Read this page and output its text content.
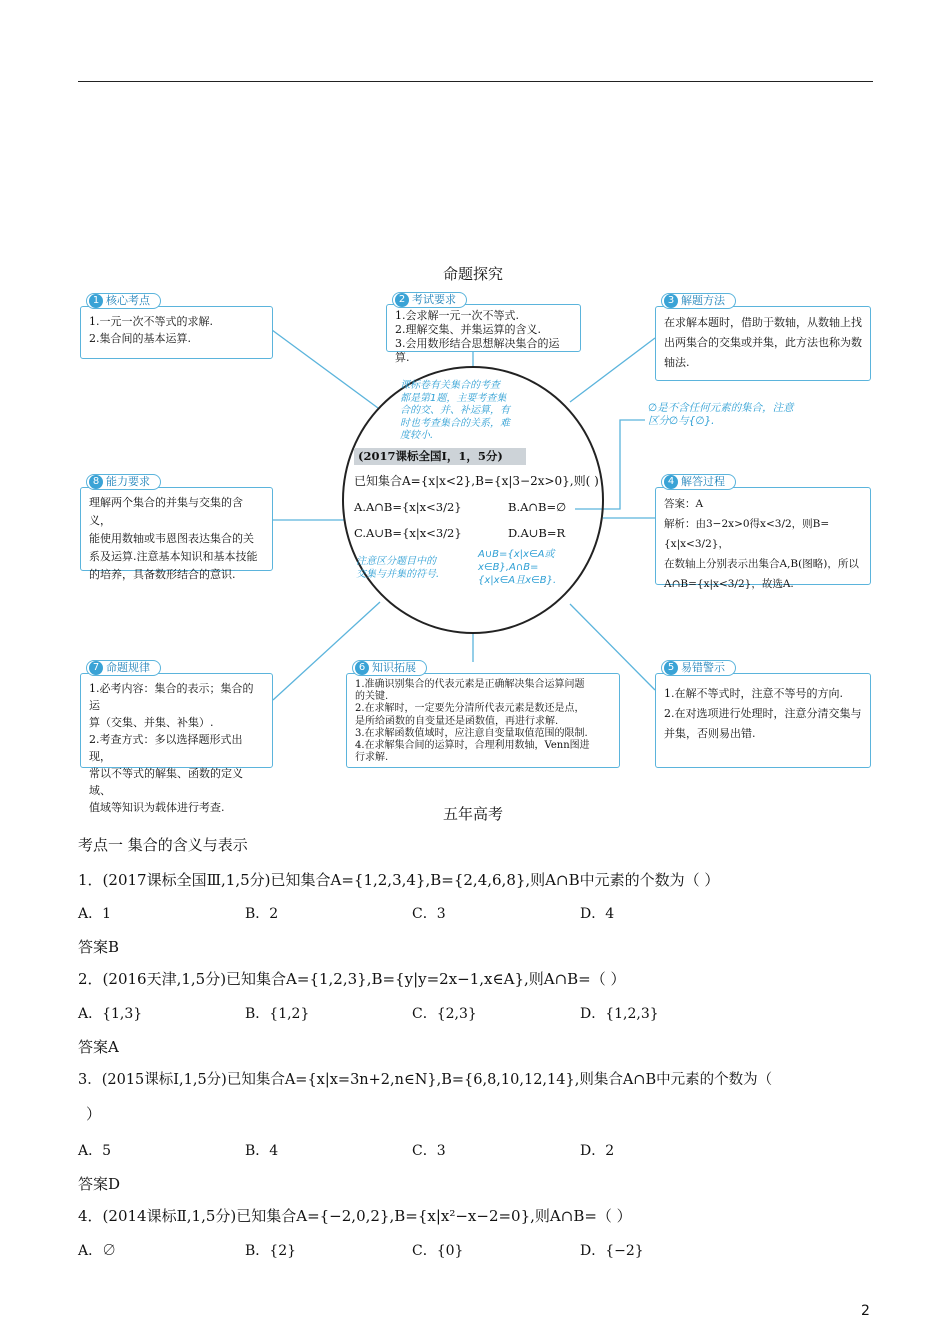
命题探究

1.一元一次不等式的求解.

2.集合间的基本运算.

1 核心考点

1.会求解一元一次不等式.

2.理解交集、并集运算的含义.

3.会用数形结合思想解决集合的运算.

2 考试要求

在求解本题时，借助于数轴，从数轴上找

出两集合的交集或并集，此方法也称为数

轴法.

3 解题方法

理解两个集合的并集与交集的含义，

能使用数轴或韦恩图表达集合的关

系及运算.注意基本知识和基本技能

的培养，具备数形结合的意识.

8 能力要求

答案：A

解析：由3−2x>0得x<3/2，则B={x|x<3/2}，

在数轴上分别表示出集合A,B(图略)，所以

A∩B={x|x<3/2}，故选A.

4 解答过程

∅是不含任何元素的集合，注意

区分∅与{∅}.

1.必考内容：集合的表示；集合的运

算（交集、并集、补集）.

2.考查方式：多以选择题形式出现，

常以不等式的解集、函数的定义域、

值域等知识为载体进行考查.

7 命题规律

1.准确识别集合的代表元素是正确解决集合运算问题

的关键.

2.在求解时，一定要先分清所代表元素是数还是点，

是所给函数的自变量还是函数值，再进行求解.

3.在求解函数值域时，应注意自变量取值范围的限制.

4.在求解集合间的运算时，合理利用数轴，Venn图进

行求解.

6 知识拓展

1.在解不等式时，注意不等号的方向.

2.在对选项进行处理时，注意分清交集与

并集，否则易出错.

5 易错警示

课标卷有关集合的考查

都是第1题，主要考查集

合的交、并、补运算，有

时也考查集合的关系，难

度较小.

(2017课标全国Ⅰ，1，5分)
已知集合A={x|x<2},B={x|3−2x>0},则( )
A.A∩B={x|x<3/2}	B.A∩B=∅
C.A∪B={x|x<3/2}	D.A∪B=R

注意区分题目中的

交集与并集的符号.

A∪B={x|x∈A或

x∈B},A∩B=

{x|x∈A且x∈B}.

五年高考
考点一 集合的含义与表示
1．(2017课标全国Ⅲ,1,5分)已知集合A={1,2,3,4},B={2,4,6,8},则A∩B中元素的个数为（ ）
A．1	B．2	C．3	D．4
答案B
2．(2016天津,1,5分)已知集合A={1,2,3},B={y|y=2x−1,x∈A},则A∩B=（ ）
A．{1,3}	B．{1,2}	C．{2,3}	D．{1,2,3}
答案A
3．(2015课标Ⅰ,1,5分)已知集合A={x|x=3n+2,n∈N},B={6,8,10,12,14},则集合A∩B中元素的个数为（
）
A．5	B．4	C．3	D．2
答案D
4．(2014课标Ⅱ,1,5分)已知集合A={−2,0,2},B={x|x²−x−2=0},则A∩B=（ ）
A．∅	B．{2}	C．{0}	D．{−2}
2
